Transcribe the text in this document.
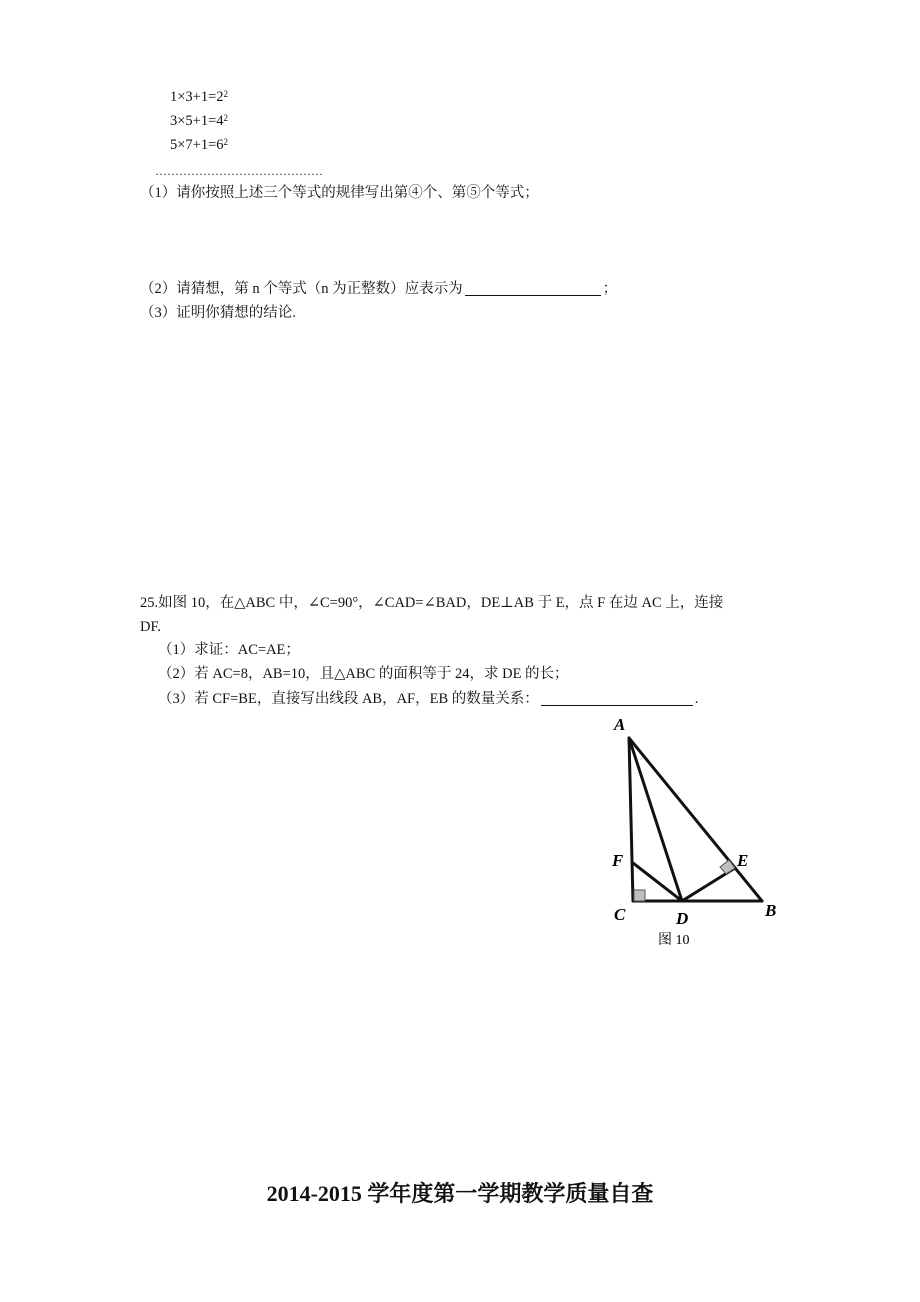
$1\times 3+1=2^2$
$3\times 5+1=4^2$
$5\times 7+1=6^2$
……………………………………
（1）请你按照上述三个等式的规律写出第④个、第⑤个等式；
（2）请猜想，第 n 个等式（n 为正整数）应表示为	；
（3）证明你猜想的结论.
25.如图 10，在△ABC 中，∠C=90°，∠CAD=∠BAD，DE⊥AB 于 E，点 F 在边 AC 上，连接
DF.
（1）求证：AC=AE；
（2）若 AC=8，AB=10，且△ABC 的面积等于 24，求 DE 的长；
（3）若 CF=BE，直接写出线段 AB，AF，EB 的数量关系：	.
A
F	E
C	D	B
图 10
2014-2015 学年度第一学期教学质量自查
